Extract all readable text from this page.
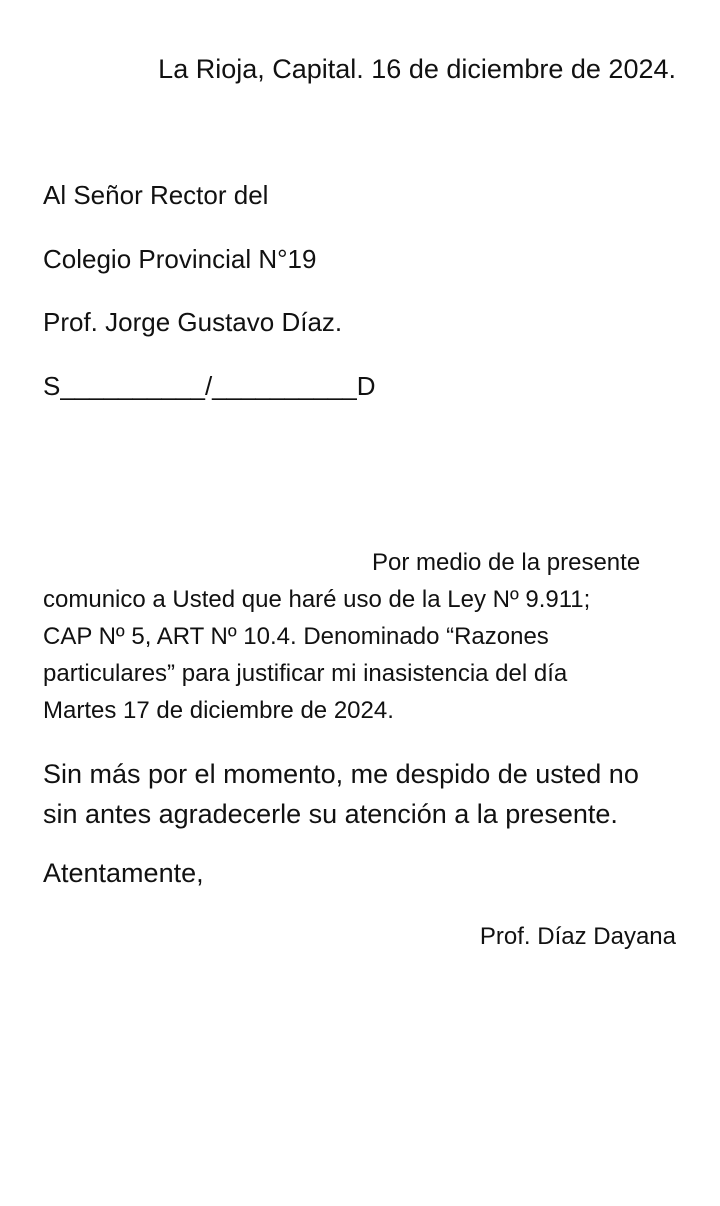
La Rioja, Capital. 16 de diciembre de 2024.
Al Señor Rector del
Colegio Provincial N°19
Prof. Jorge Gustavo Díaz.
S__________/__________D
Por medio de la presente
comunico a Usted que haré uso de la Ley Nº 9.911;
CAP Nº 5, ART Nº 10.4. Denominado “Razones
particulares” para justificar mi inasistencia del día
Martes 17 de diciembre de 2024.
Sin más por el momento, me despido de usted no
sin antes agradecerle su atención a la presente.
Atentamente,
Prof. Díaz Dayana
